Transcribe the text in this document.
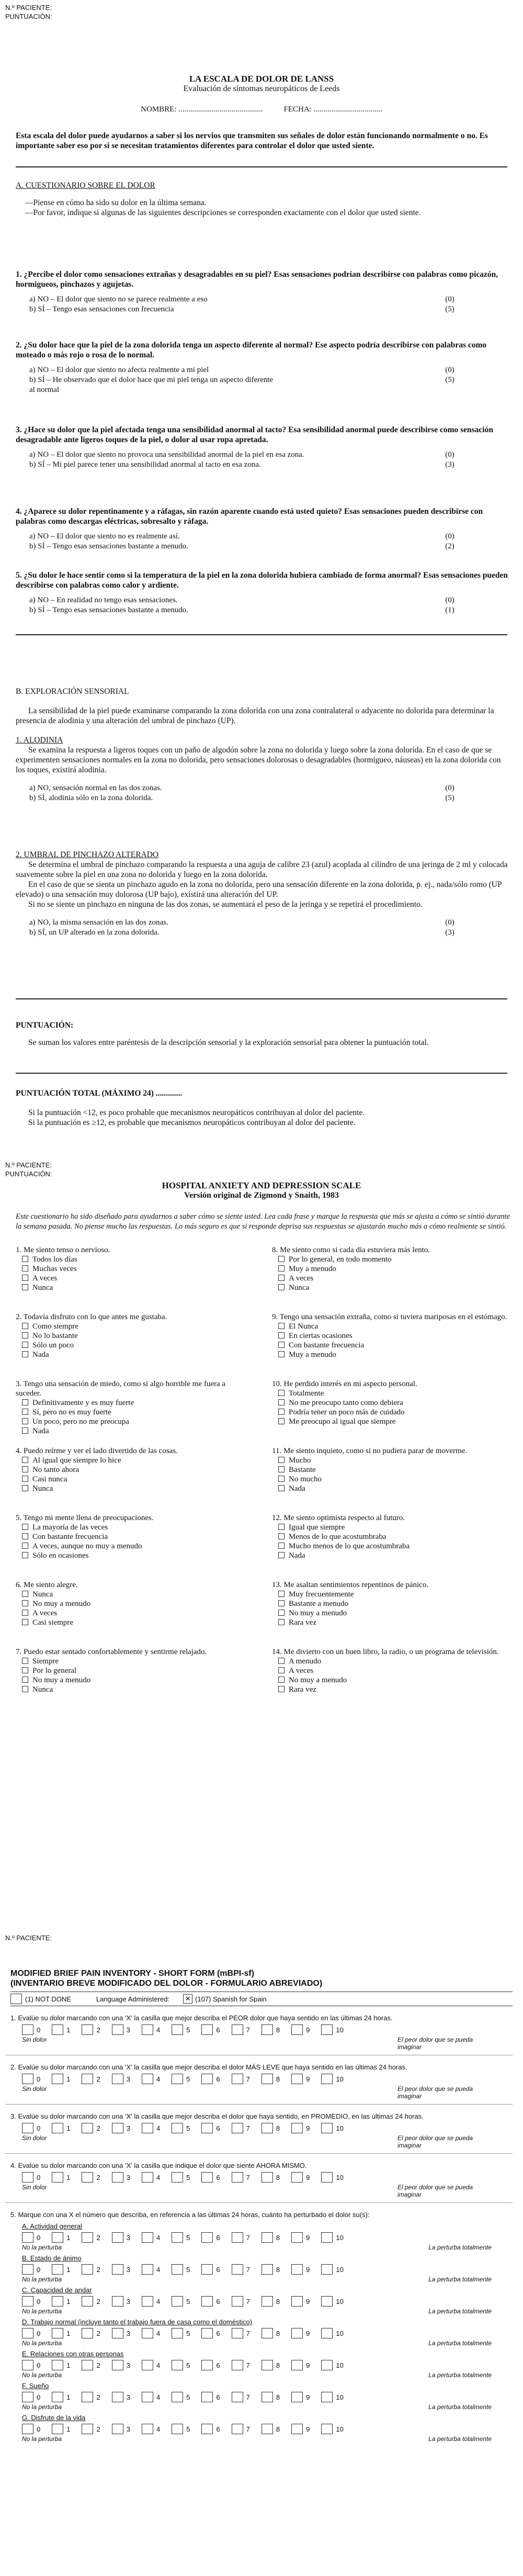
N.º PACIENTE:
PUNTUACIÓN:
LA ESCALA DE DOLOR DE LANSS
Evaluación de síntomas neuropáticos de Leeds
NOMBRE: ...........................................	FECHA: ...................................
Esta escala del dolor puede ayudarnos a saber si los nervios que transmiten sus señales de dolor están funcionando normalmente o no. Es importante saber eso por si se necesitan tratamientos diferentes para controlar el dolor que usted siente.
A. CUESTIONARIO SOBRE EL DOLOR
—Piense en cómo ha sido su dolor en la última semana.
—Por favor, indique si algunas de las siguientes descripciones se corresponden exactamente con el dolor que usted siente.
1. ¿Percibe el dolor como sensaciones extrañas y desagradables en su piel? Esas sensaciones podrían describirse con palabras como picazón, hormigueos, pinchazos y agujetas.
a) NO – El dolor que siento no se parece realmente a eso	(0)
b) SÍ – Tengo esas sensaciones con frecuencia	(5)
2. ¿Su dolor hace que la piel de la zona dolorida tenga un aspecto diferente al normal? Ese aspecto podría describirse con palabras como moteado o más rojo o rosa de lo normal.
a) NO – El dolor que siento no afecta realmente a mi piel	(0)
b) SÍ – He observado que el dolor hace que mi piel tenga un aspecto diferente al normal
(5)
3. ¿Hace su dolor que la piel afectada tenga una sensibilidad anormal al tacto? Esa sensibilidad anormal puede describirse como sensación desagradable ante ligeros toques de la piel, o dolor al usar ropa apretada.
a) NO – El dolor que siento no provoca una sensibilidad anormal de la piel en esa zona.	(0)
b) SÍ – Mi piel parece tener una sensibilidad anormal al tacto en esa zona.	(3)
4. ¿Aparece su dolor repentinamente y a ráfagas, sin razón aparente cuando está usted quieto? Esas sensaciones pueden describirse con palabras como descargas eléctricas, sobresalto y ráfaga.
a) NO – El dolor que siento no es realmente así.	(0)
b) SÍ – Tengo esas sensaciones bastante a menudo.	(2)
5. ¿Su dolor le hace sentir como si la temperatura de la piel en la zona dolorida hubiera cambiado de forma anormal? Esas sensaciones pueden describirse con palabras como calor y ardiente.
a) NO – En realidad no tengo esas sensaciones.	(0)
b) SÍ – Tengo esas sensaciones bastante a menudo.	(1)
B. EXPLORACIÓN SENSORIAL
La sensibilidad de la piel puede examinarse comparando la zona dolorida con una zona contralateral o adyacente no dolorida para determinar la presencia de alodinia y una alteración del umbral de pinchazo (UP).
1. ALODINIA
Se examina la respuesta a ligeros toques con un paño de algodón sobre la zona no dolorida y luego sobre la zona dolorida. En el caso de que se experimenten sensaciones normales en la zona no dolorida, pero sensaciones dolorosas o desagradables (hormigueo, náuseas) en la zona dolorida con los toques, existirá alodinia.
a) NO, sensación normal en las dos zonas.	(0)
b) SÍ, alodinia sólo en la zona dolorida.	(5)
2. UMBRAL DE PINCHAZO ALTERADO
Se determina el umbral de pinchazo comparando la respuesta a una aguja de calibre 23 (azul) acoplada al cilindro de una jeringa de 2 ml y colocada suavemente sobre la piel en una zona no dolorida y luego en la zona dolorida.
En el caso de que se sienta un pinchazo agudo en la zona no dolorida, pero una sensación diferente en la zona dolorida, p. ej., nada/sólo romo (UP elevado) o una sensación muy dolorosa (UP bajo), existirá una alteración del UP.
Si no se siente un pinchazo en ninguna de las dos zonas, se aumentará el peso de la jeringa y se repetirá el procedimiento.
a) NO, la misma sensación en las dos zonas.	(0)
b) SÍ, un UP alterado en la zona dolorida.	(3)
PUNTUACIÓN:
Se suman los valores entre paréntesis de la descripción sensorial y la exploración sensorial para obtener la puntuación total.
PUNTUACIÓN TOTAL (MÁXIMO 24) .............
Si la puntuación <12, es poco probable que mecanismos neuropáticos contribuyan al dolor del paciente.
Si la puntuación es ≥12, es probable que mecanismos neuropáticos contribuyan al dolor del paciente.
N.º PACIENTE:
PUNTUACIÓN:
HOSPITAL ANXIETY AND DEPRESSION SCALE
Versión original de Zigmond y Snaith, 1983
Este cuestionario ha sido diseñado para ayudarnos a saber cómo se siente usted. Lea cada frase y marque la respuesta que más se ajusta a cómo se sintió durante la semana pasada. No piense mucho las respuestas. Lo más seguro es que si responde deprisa sus respuestas se ajustarán mucho más a cómo realmente se sintió.
1. Me siento tenso o nervioso.
Todos los días
Muchas veces
A veces
Nunca
2. Todavía disfruto con lo que antes me gustaba.
Como siempre
No lo bastante
Sólo un poco
Nada
3. Tengo una sensación de miedo, como si algo horrible me fuera a suceder.
Definitivamente y es muy fuerte
Sí, pero no es muy fuerte
Un poco, pero no me preocupa
Nada
4. Puedo reírme y ver el lado divertido de las cosas.
Al igual que siempre lo hice
No tanto ahora
Casi nunca
Nunca
5. Tengo mi mente llena de preocupaciones.
La mayoría de las veces
Con bastante frecuencia
A veces, aunque no muy a menudo
Sólo en ocasiones
6. Me siento alegre.
Nunca
No muy a menudo
A veces
Casi siempre
7. Puedo estar sentado confortablemente y sentirme relajado.
Siempre
Por lo general
No muy a menudo
Nunca
8. Me siento como si cada día estuviera más lento.
Por lo general, en todo momento
Muy a menudo
A veces
Nunca
9. Tengo una sensación extraña, como si tuviera mariposas en el estómago.
El Nunca
En ciertas ocasiones
Con bastante frecuencia
Muy a menudo
10. He perdido interés en mi aspecto personal.
Totalmente
No me preocupo tanto como debiera
Podría tener un poco más de cuidado
Me preocupo al igual que siempre
11. Me siento inquieto, como si no pudiera parar de moverme.
Mucho
Bastante
No mucho
Nada
12. Me siento optimista respecto al futuro.
Igual que siempre
Menos de lo que acostumbraba
Mucho menos de lo que acostumbraba
Nada
13. Me asaltan sentimientos repentinos de pánico.
Muy frecuentemente
Bastante a menudo
No muy a menudo
Rara vez
14. Me divierto con un buen libro, la radio, o un programa de televisión.
A menudo
A veces
No muy a menudo
Rara vez
N.º PACIENTE:
MODIFIED BRIEF PAIN INVENTORY - SHORT FORM (mBPI-sf)
(INVENTARIO BREVE MODIFICADO DEL DOLOR - FORMULARIO ABREVIADO)
(1) NOT DONE	Language Administered: ✕ (107) Spanish for Spain
1. Evalúe su dolor marcando con una 'X' la casilla que mejor describa el PEOR dolor que haya sentido en las últimas 24 horas.
0	1	2	3	4	5	6	7	8	9	10
Sin dolor	El peor dolor que se pueda imaginar
2. Evalúe su dolor marcando con una 'X' la casilla que mejor describa el dolor MÁS LEVE que haya sentido en las últimas 24 horas.
0	1	2	3	4	5	6	7	8	9	10
Sin dolor	El peor dolor que se pueda imaginar
3. Evalúe su dolor marcando con una 'X' la casilla que mejor describa el dolor que haya sentido, en PROMEDIO, en las últimas 24 horas.
0	1	2	3	4	5	6	7	8	9	10
Sin dolor	El peor dolor que se pueda imaginar
4. Evalúe su dolor marcando con una 'X' la casilla que indique el dolor que siente AHORA MISMO.
0	1	2	3	4	5	6	7	8	9	10
Sin dolor	El peor dolor que se pueda imaginar
5. Marque con una X el número que describa, en referencia a las últimas 24 horas, cuánto ha perturbado el dolor su(s):
A. Actividad general
0	1	2	3	4	5	6	7	8	9	10
No la perturba	La perturba totalmente
B. Estado de ánimo
0	1	2	3	4	5	6	7	8	9	10
No la perturba	La perturba totalmente
C. Capacidad de andar
0	1	2	3	4	5	6	7	8	9	10
No la perturba	La perturba totalmente
D. Trabajo normal (incluye tanto el trabajo fuera de casa como el doméstico)
0	1	2	3	4	5	6	7	8	9	10
No la perturba	La perturba totalmente
E. Relaciones con otras personas
0	1	2	3	4	5	6	7	8	9	10
No la perturba	La perturba totalmente
F. Sueño
0	1	2	3	4	5	6	7	8	9	10
No la perturba	La perturba totalmente
G. Disfrute de la vida
0	1	2	3	4	5	6	7	8	9	10
No la perturba	La perturba totalmente
